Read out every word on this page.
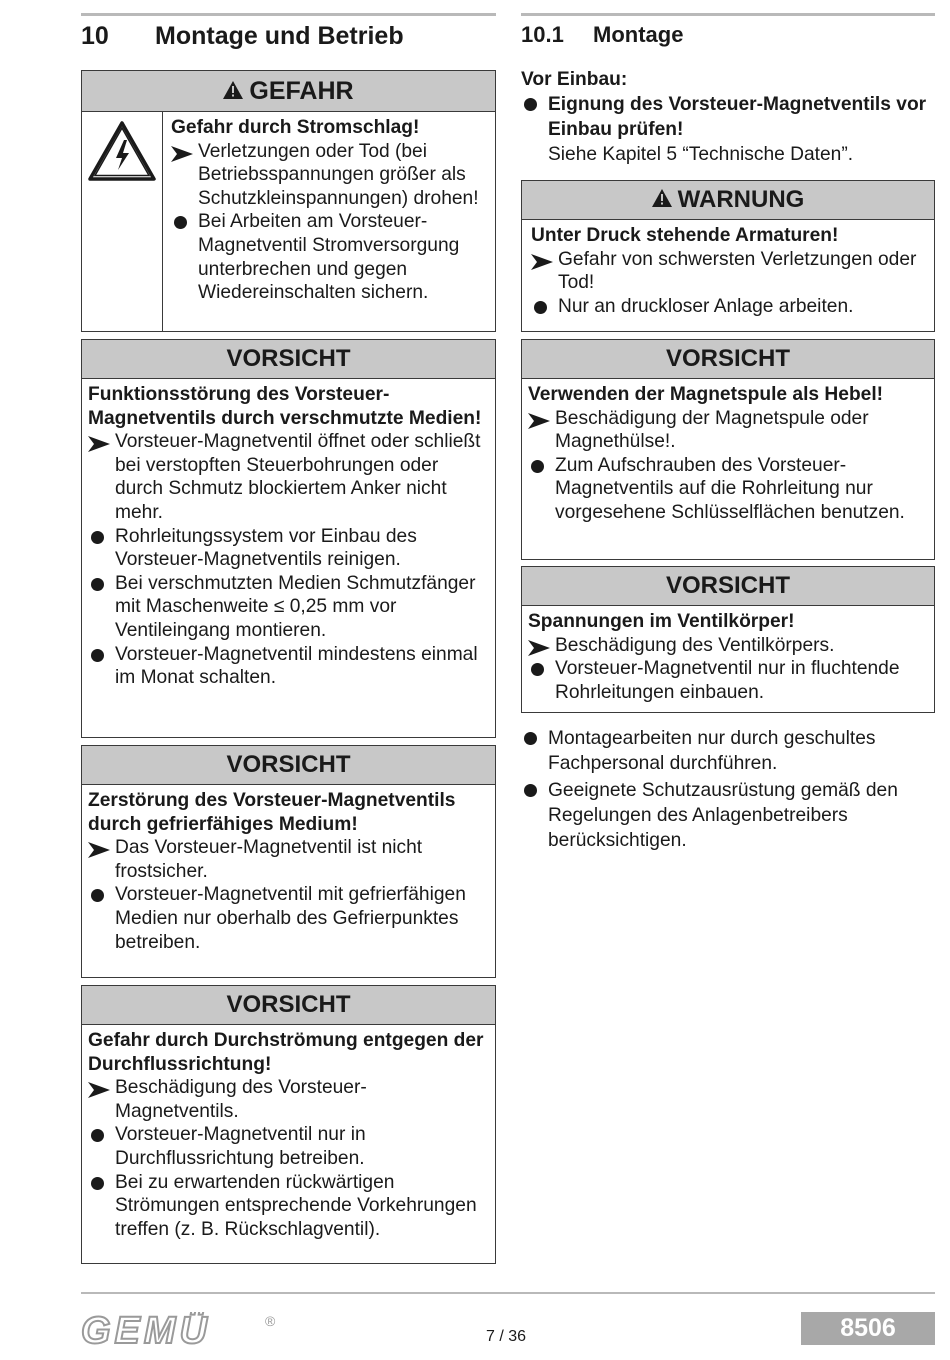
10 Montage und Betrieb	10.1 Montage
GEFAHR
Gefahr durch Stromschlag!
Verletzungen oder Tod (bei Betriebsspannungen größer als Schutzkleinspannungen) drohen!
Bei Arbeiten am Vorsteuer-Magnetventil Stromversorgung unterbrechen und gegen Wiedereinschalten sichern.
VORSICHT
Funktionsstörung des Vorsteuer-Magnetventils durch verschmutzte Medien!
Vorsteuer-Magnetventil öffnet oder schließt bei verstopften Steuerbohrungen oder durch Schmutz blockiertem Anker nicht mehr.
Rohrleitungssystem vor Einbau des Vorsteuer-Magnetventils reinigen.
Bei verschmutzten Medien Schmutzfänger mit Maschenweite ≤ 0,25 mm vor Ventileingang montieren.
Vorsteuer-Magnetventil mindestens einmal im Monat schalten.
VORSICHT
Zerstörung des Vorsteuer-Magnetventils durch gefrierfähiges Medium!
Das Vorsteuer-Magnetventil ist nicht frostsicher.
Vorsteuer-Magnetventil mit gefrierfähigen Medien nur oberhalb des Gefrierpunktes betreiben.
VORSICHT
Gefahr durch Durchströmung entgegen der Durchflussrichtung!
Beschädigung des Vorsteuer-Magnetventils.
Vorsteuer-Magnetventil nur in Durchflussrichtung betreiben.
Bei zu erwartenden rückwärtigen Strömungen entsprechende Vorkehrungen treffen (z. B. Rückschlagventil).
Vor Einbau:
Eignung des Vorsteuer-Magnetventils vor Einbau prüfen!
Siehe Kapitel 5 “Technische Daten”.
WARNUNG
Unter Druck stehende Armaturen!
Gefahr von schwersten Verletzungen oder Tod!
Nur an druckloser Anlage arbeiten.
VORSICHT
Verwenden der Magnetspule als Hebel!
Beschädigung der Magnetspule oder Magnethülse!.
Zum Aufschrauben des Vorsteuer-Magnetventils auf die Rohrleitung nur vorgesehene Schlüsselflächen benutzen.
VORSICHT
Spannungen im Ventilkörper!
Beschädigung des Ventilkörpers.
Vorsteuer-Magnetventil nur in fluchtende Rohrleitungen einbauen.
Montagearbeiten nur durch geschultes Fachpersonal durchführen.
Geeignete Schutzausrüstung gemäß den Regelungen des Anlagenbetreibers berücksichtigen.
GEMÜ	®
7 / 36	8506
